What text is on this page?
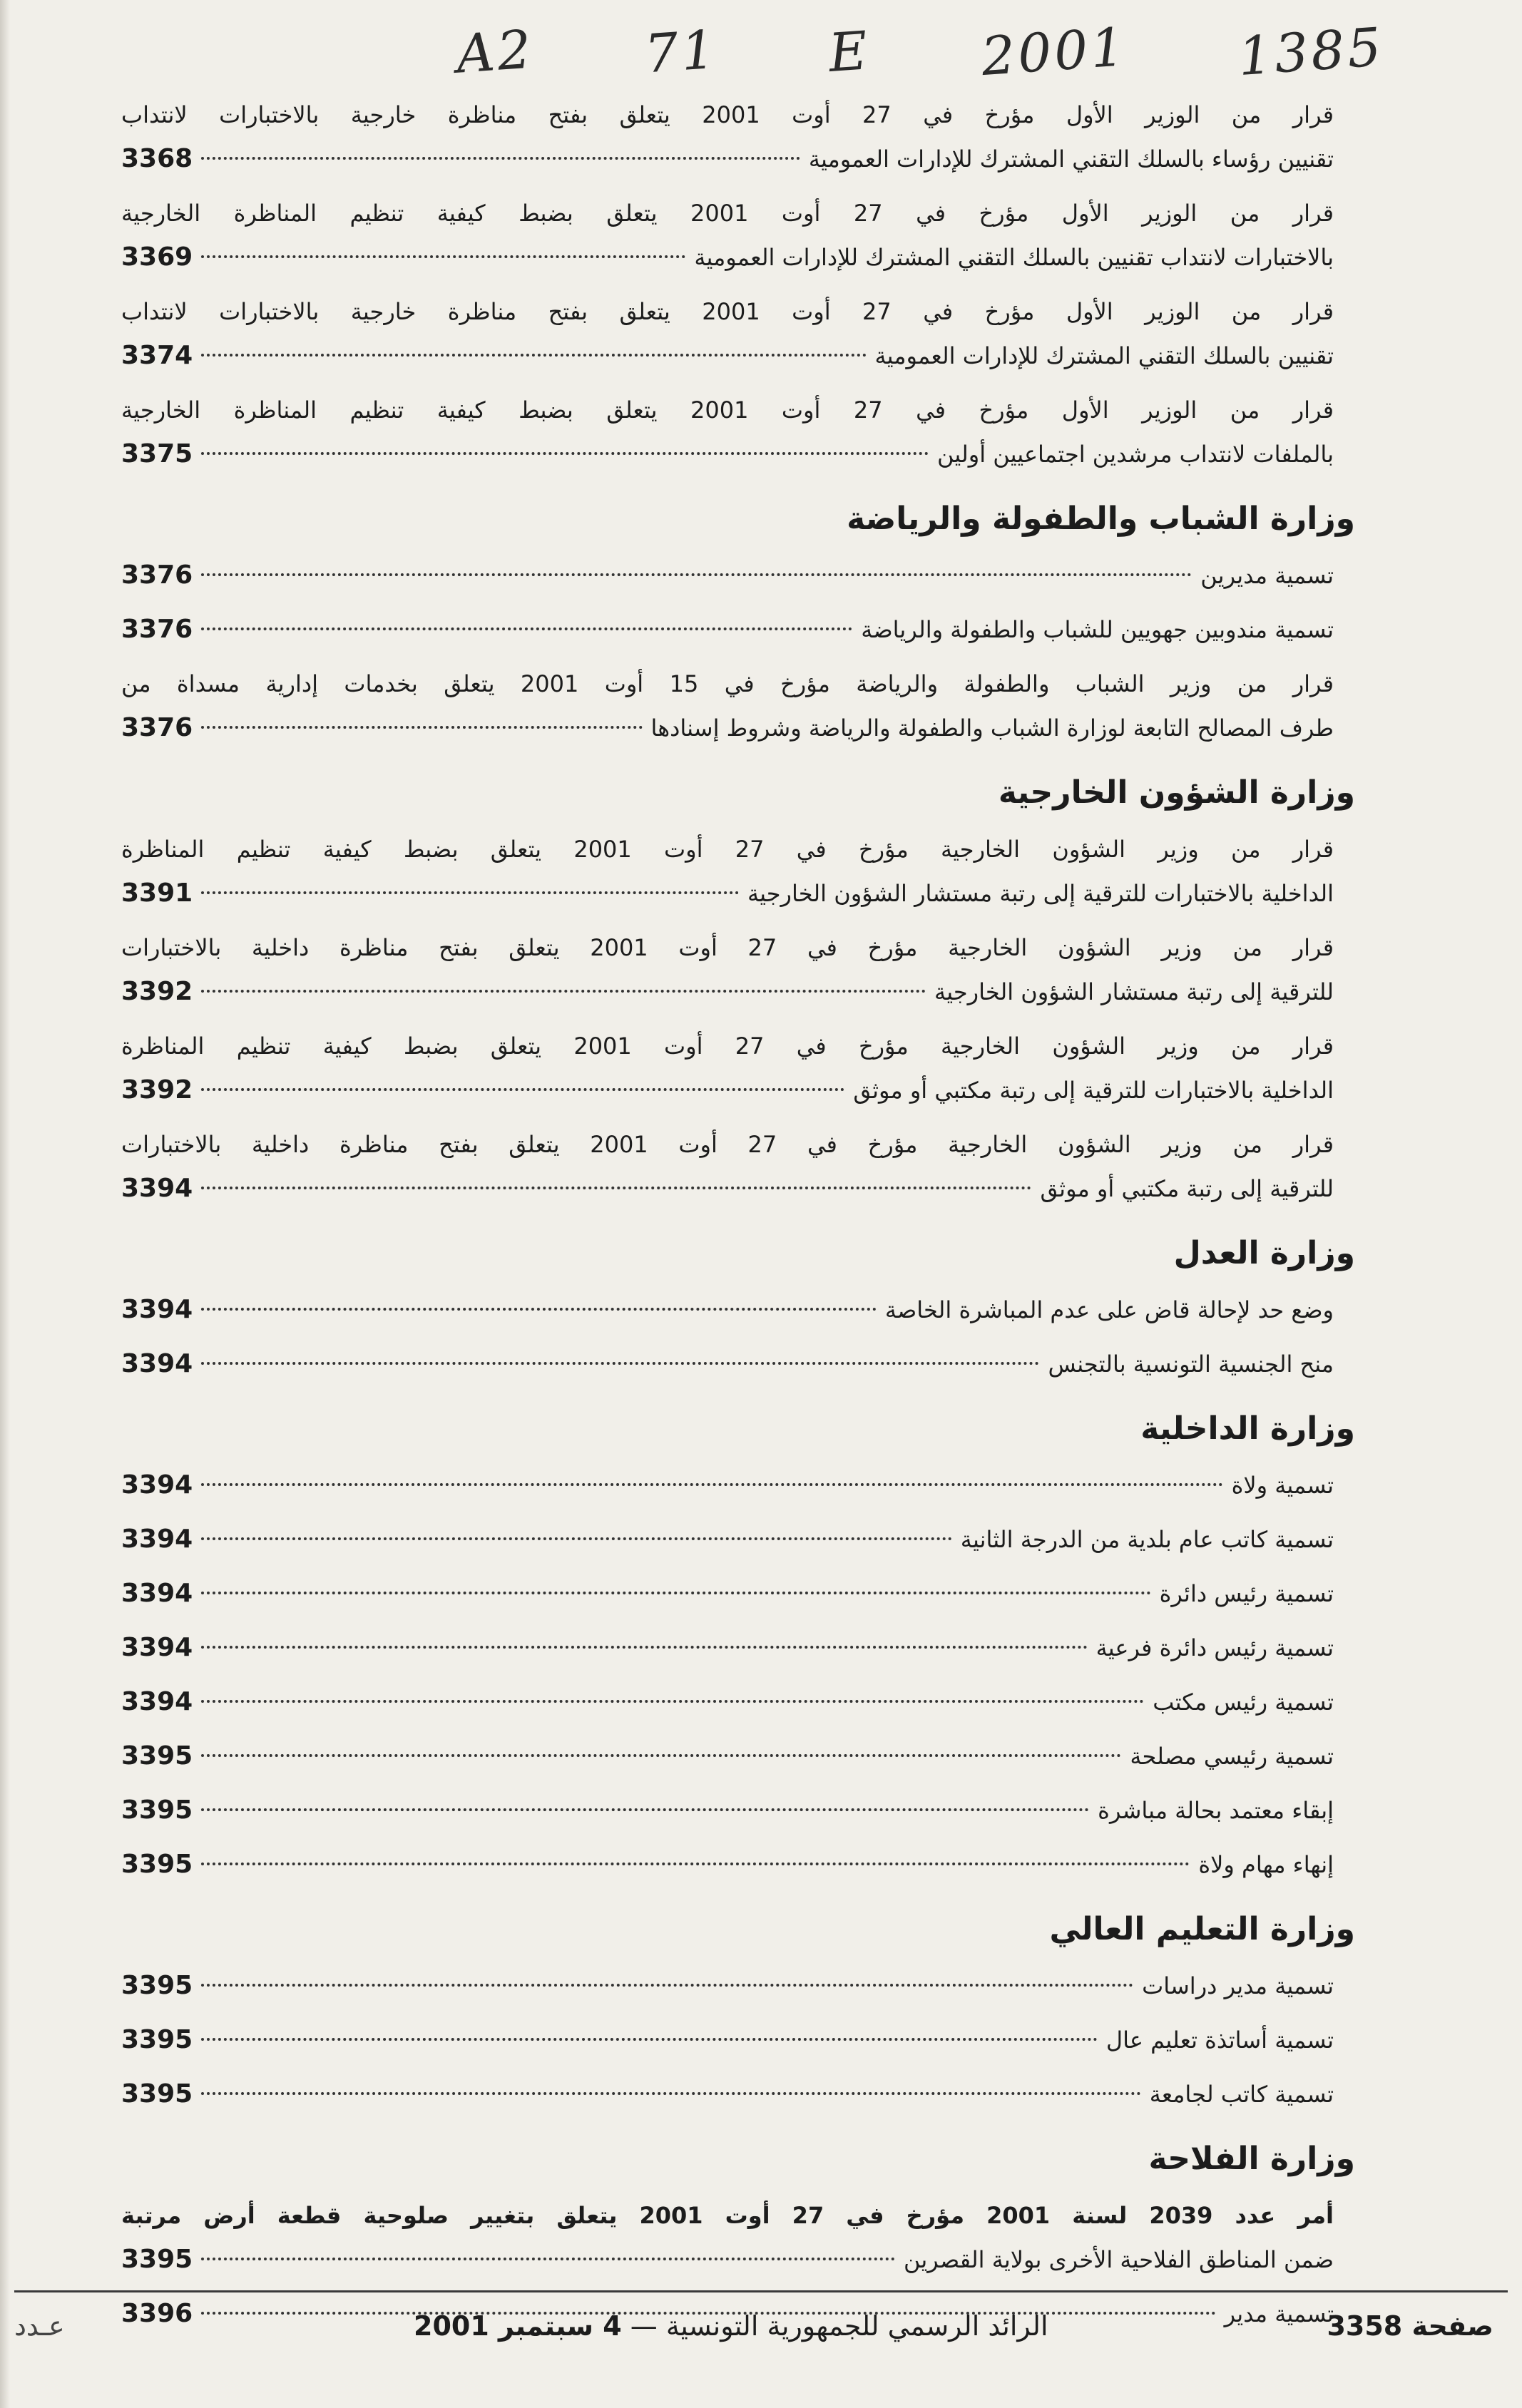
A2 71 E 2001 1385
قرار من الوزير الأول مؤرخ في 27 أوت 2001 يتعلق بفتح مناظرة خارجية بالاختبارات لانتداب
تقنيين رؤساء بالسلك التقني المشترك للإدارات العمومية
3368
قرار من الوزير الأول مؤرخ في 27 أوت 2001 يتعلق بضبط كيفية تنظيم المناظرة الخارجية
بالاختبارات لانتداب تقنيين بالسلك التقني المشترك للإدارات العمومية
3369
قرار من الوزير الأول مؤرخ في 27 أوت 2001 يتعلق بفتح مناظرة خارجية بالاختبارات لانتداب
تقنيين بالسلك التقني المشترك للإدارات العمومية
3374
قرار من الوزير الأول مؤرخ في 27 أوت 2001 يتعلق بضبط كيفية تنظيم المناظرة الخارجية
بالملفات لانتداب مرشدين اجتماعيين أولين
3375
وزارة الشباب والطفولة والرياضة
تسمية مديرين
3376
تسمية مندوبين جهويين للشباب والطفولة والرياضة
3376
قرار من وزير الشباب والطفولة والرياضة مؤرخ في 15 أوت 2001 يتعلق بخدمات إدارية مسداة من
طرف المصالح التابعة لوزارة الشباب والطفولة والرياضة وشروط إسنادها
3376
وزارة الشؤون الخارجية
قرار من وزير الشؤون الخارجية مؤرخ في 27 أوت 2001 يتعلق بضبط كيفية تنظيم المناظرة
الداخلية بالاختبارات للترقية إلى رتبة مستشار الشؤون الخارجية
3391
قرار من وزير الشؤون الخارجية مؤرخ في 27 أوت 2001 يتعلق بفتح مناظرة داخلية بالاختبارات
للترقية إلى رتبة مستشار الشؤون الخارجية
3392
قرار من وزير الشؤون الخارجية مؤرخ في 27 أوت 2001 يتعلق بضبط كيفية تنظيم المناظرة
الداخلية بالاختبارات للترقية إلى رتبة مكتبي أو موثق
3392
قرار من وزير الشؤون الخارجية مؤرخ في 27 أوت 2001 يتعلق بفتح مناظرة داخلية بالاختبارات
للترقية إلى رتبة مكتبي أو موثق
3394
وزارة العدل
وضع حد لإحالة قاض على عدم المباشرة الخاصة
3394
منح الجنسية التونسية بالتجنس
3394
وزارة الداخلية
تسمية ولاة
3394
تسمية كاتب عام بلدية من الدرجة الثانية
3394
تسمية رئيس دائرة
3394
تسمية رئيس دائرة فرعية
3394
تسمية رئيس مكتب
3394
تسمية رئيسي مصلحة
3395
إبقاء معتمد بحالة مباشرة
3395
إنهاء مهام ولاة
3395
وزارة التعليم العالي
تسمية مدير دراسات
3395
تسمية أساتذة تعليم عال
3395
تسمية كاتب لجامعة
3395
وزارة الفلاحة
أمر عدد 2039 لسنة 2001 مؤرخ في 27 أوت 2001 يتعلق بتغيير صلوحية قطعة أرض مرتبة
ضمن المناطق الفلاحية الأخرى بولاية القصرين
3395
تسمية مدير
3396	صفحة 3358
الرائد الرسمي للجمهورية التونسية — 4 سبتمبر 2001
عـدد
